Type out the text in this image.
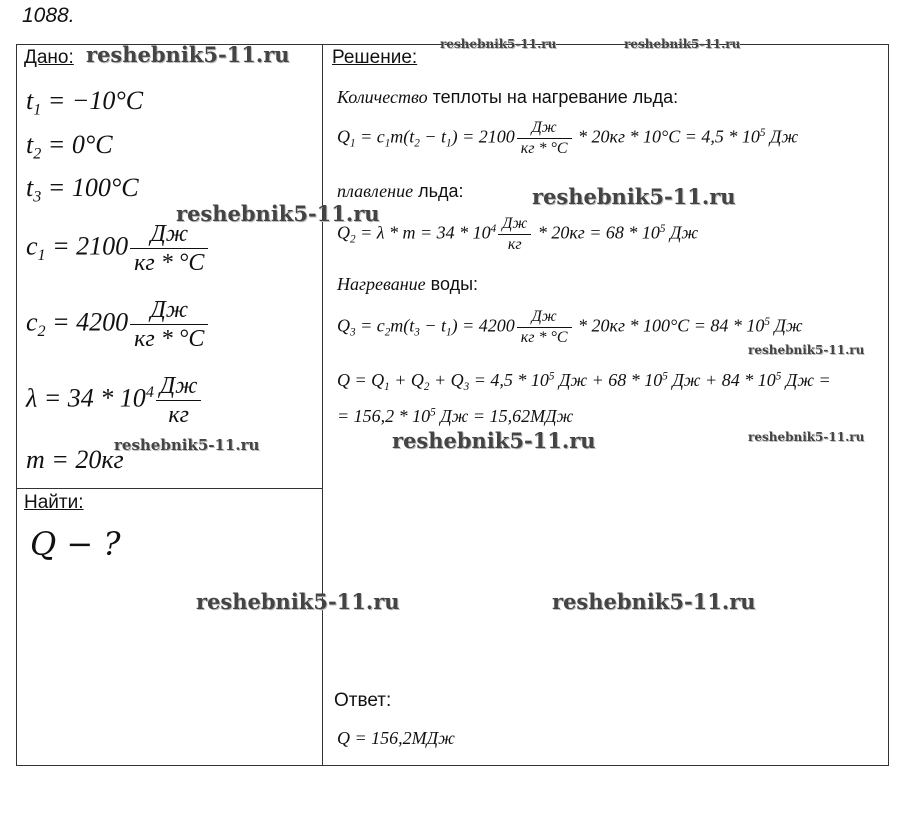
1088.
Дано:
$t_1 = -10^\circ C$
$t_2 = 0^\circ C$
$t_3 = 100^\circ C$
$c_1 = 2100$ Дж
кг * °C
$c_2 = 4200$ Дж
кг * °C
$\lambda = 34 * 10^4$ Дж
кг
m = 20кг
Найти:
Q − ?
Решение:
Количество теплоты на нагревание льда:
$Q_1 = c_1m(t_2 - t_1) = 2100$	Дж
кг * °C
* $20кг * 10^\circ C = 4,5 * 10^5$ Дж
плавление льда:
$Q_2 = \lambda * m = 34 * 10^4$ Дж
кг
* $20кг = 68 * 10^5$ Дж
Нагревание воды:
$Q_3 = c_2m(t_3 - t_1) = 4200$	Дж
кг * °C
* $20кг * 100^\circ C = 84 * 10^5$ Дж
$Q = Q_1 + Q_2 + Q_3 = 4,5 * 10^5$ Дж + $68 * 10^5$ Дж + $84 * 10^5$ Дж =
= $156,2 * 10^5$ Дж = 15,62МДж
Ответ:
Q = 156,2МДж
reshebnik5-11.ru	reshebnik5-11.ru	reshebnik5-11.ru
reshebnik5-11.ru
reshebnik5-11.ru
reshebnik5-11.ru
reshebnik5-11.ru	reshebnik5-11.ru
reshebnik5-11.ru
reshebnik5-11.ru	reshebnik5-11.ru
